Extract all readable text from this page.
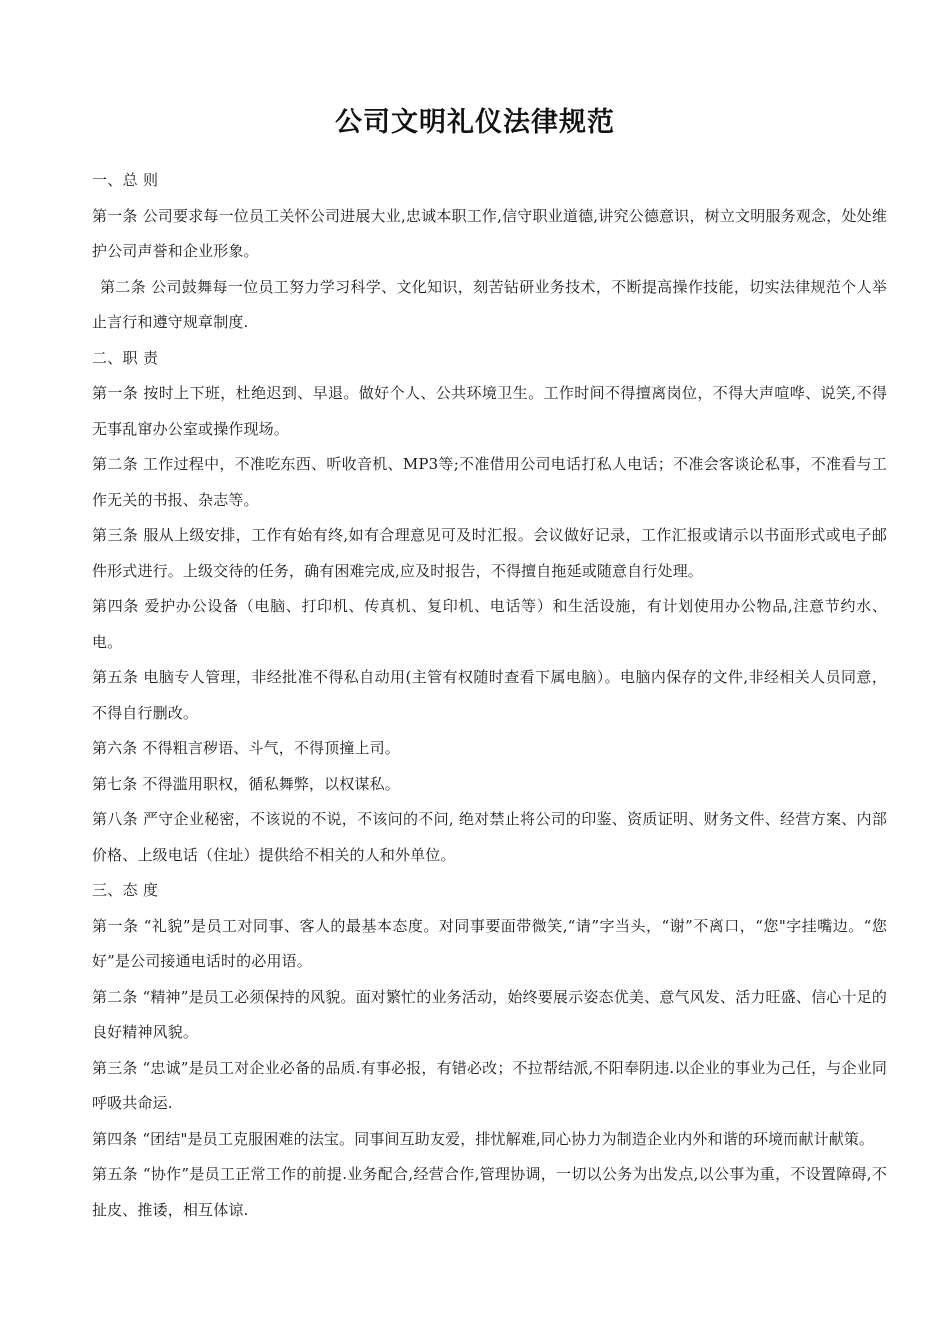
公司文明礼仪法律规范

一、总 则

第一条 公司要求每一位员工关怀公司进展大业,忠诚本职工作,信守职业道德,讲究公德意识，树立文明服务观念，处处维护公司声誉和企业形象。

第二条 公司鼓舞每一位员工努力学习科学、文化知识，刻苦钻研业务技术，不断提高操作技能，切实法律规范个人举止言行和遵守规章制度.

二、职 责

第一条 按时上下班，杜绝迟到、早退。做好个人、公共环境卫生。工作时间不得擅离岗位，不得大声喧哗、说笑,不得无事乱窜办公室或操作现场。

第二条 工作过程中，不准吃东西、听收音机、MP3等;不准借用公司电话打私人电话；不准会客谈论私事，不准看与工作无关的书报、杂志等。

第三条 服从上级安排，工作有始有终,如有合理意见可及时汇报。会议做好记录，工作汇报或请示以书面形式或电子邮件形式进行。上级交待的任务，确有困难完成,应及时报告，不得擅自拖延或随意自行处理。

第四条 爱护办公设备（电脑、打印机、传真机、复印机、电话等）和生活设施，有计划使用办公物品,注意节约水、电。

第五条 电脑专人管理，非经批准不得私自动用(主管有权随时查看下属电脑）。电脑内保存的文件,非经相关人员同意，不得自行删改。

第六条 不得粗言秽语、斗气，不得顶撞上司。

第七条 不得滥用职权，循私舞弊，以权谋私。

第八条 严守企业秘密，不该说的不说，不该问的不问, 绝对禁止将公司的印鉴、资质证明、财务文件、经营方案、内部价格、上级电话（住址）提供给不相关的人和外单位。

三、态 度

第一条 “礼貌”是员工对同事、客人的最基本态度。对同事要面带微笑,“请”字当头，“谢”不离口，“您"字挂嘴边。“您好”是公司接通电话时的必用语。

第二条 “精神”是员工必须保持的风貌。面对繁忙的业务活动，始终要展示姿态优美、意气风发、活力旺盛、信心十足的良好精神风貌。

第三条 “忠诚”是员工对企业必备的品质.有事必报，有错必改；不拉帮结派,不阳奉阴违.以企业的事业为己任，与企业同呼吸共命运.

第四条 “团结"是员工克服困难的法宝。同事间互助友爱，排忧解难,同心协力为制造企业内外和谐的环境而献计献策。

第五条 “协作”是员工正常工作的前提.业务配合,经营合作,管理协调，一切以公务为出发点,以公事为重，不设置障碍,不扯皮、推诿，相互体谅.
